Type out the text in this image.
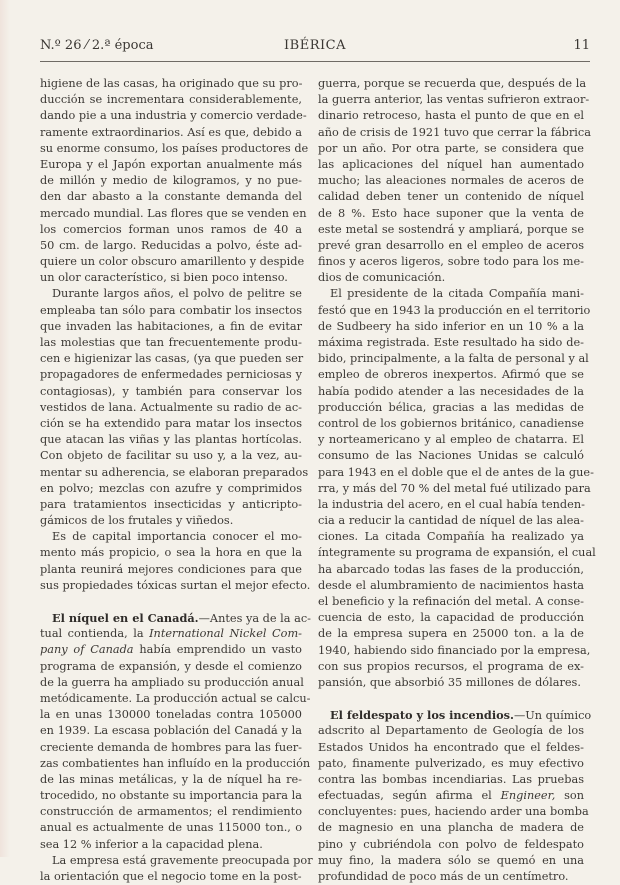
N.º 26 ⁄ 2.ª época	IBÉRICA	11
higiene de las casas, ha originado que su pro-
ducción se incrementara considerablemente,
dando pie a una industria y comercio verdade-
ramente extraordinarios. Así es que, debido a
su enorme consumo, los países productores de
Europa y el Japón exportan anualmente más
de millón y medio de kilogramos, y no pue-
den dar abasto a la constante demanda del
mercado mundial. Las flores que se venden en
los comercios forman unos ramos de 40 a
50 cm. de largo. Reducidas a polvo, éste ad-
quiere un color obscuro amarillento y despide
un olor característico, si bien poco intenso.
Durante largos años, el polvo de pelitre se
empleaba tan sólo para combatir los insectos
que invaden las habitaciones, a fin de evitar
las molestias que tan frecuentemente produ-
cen e higienizar las casas, (ya que pueden ser
propagadores de enfermedades perniciosas y
contagiosas), y también para conservar los
vestidos de lana. Actualmente su radio de ac-
ción se ha extendido para matar los insectos
que atacan las viñas y las plantas hortícolas.
Con objeto de facilitar su uso y, a la vez, au-
mentar su adherencia, se elaboran preparados
en polvo; mezclas con azufre y comprimidos
para tratamientos insecticidas y anticripto-
gámicos de los frutales y viñedos.
Es de capital importancia conocer el mo-
mento más propicio, o sea la hora en que la
planta reunirá mejores condiciones para que
sus propiedades tóxicas surtan el mejor efecto.
El níquel en el Canadá.—Antes ya de la ac-
tual contienda, la International Nickel Com-
pany of Canada había emprendido un vasto
programa de expansión, y desde el comienzo
de la guerra ha ampliado su producción anual
metódicamente. La producción actual se calcu-
la en unas 130000 toneladas contra 105000
en 1939. La escasa población del Canadá y la
creciente demanda de hombres para las fuer-
zas combatientes han influído en la producción
de las minas metálicas, y la de níquel ha re-
trocedido, no obstante su importancia para la
construcción de armamentos; el rendimiento
anual es actualmente de unas 115000 ton., o
sea 12 % inferior a la capacidad plena.
La empresa está gravemente preocupada por
la orientación que el negocio tome en la post-
guerra, porque se recuerda que, después de la
la guerra anterior, las ventas sufrieron extraor-
dinario retroceso, hasta el punto de que en el
año de crisis de 1921 tuvo que cerrar la fábrica
por un año. Por otra parte, se considera que
las aplicaciones del níquel han aumentado
mucho; las aleaciones normales de aceros de
calidad deben tener un contenido de níquel
de 8 %. Esto hace suponer que la venta de
este metal se sostendrá y ampliará, porque se
prevé gran desarrollo en el empleo de aceros
finos y aceros ligeros, sobre todo para los me-
dios de comunicación.
El presidente de la citada Compañía mani-
festó que en 1943 la producción en el territorio
de Sudbeery ha sido inferior en un 10 % a la
máxima registrada. Este resultado ha sido de-
bido, principalmente, a la falta de personal y al
empleo de obreros inexpertos. Afirmó que se
había podido atender a las necesidades de la
producción bélica, gracias a las medidas de
control de los gobiernos británico, canadiense
y norteamericano y al empleo de chatarra. El
consumo de las Naciones Unidas se calculó
para 1943 en el doble que el de antes de la gue-
rra, y más del 70 % del metal fué utilizado para
la industria del acero, en el cual había tenden-
cia a reducir la cantidad de níquel de las alea-
ciones. La citada Compañía ha realizado ya
íntegramente su programa de expansión, el cual
ha abarcado todas las fases de la producción,
desde el alumbramiento de nacimientos hasta
el beneficio y la refinación del metal. A conse-
cuencia de esto, la capacidad de producción
de la empresa supera en 25000 ton. a la de
1940, habiendo sido financiado por la empresa,
con sus propios recursos, el programa de ex-
pansión, que absorbió 35 millones de dólares.
El feldespato y los incendios.—Un químico
adscrito al Departamento de Geología de los
Estados Unidos ha encontrado que el feldes-
pato, finamente pulverizado, es muy efectivo
contra las bombas incendiarias. Las pruebas
efectuadas, según afirma el Engineer, son
concluyentes: pues, haciendo arder una bomba
de magnesio en una plancha de madera de
pino y cubriéndola con polvo de feldespato
muy fino, la madera sólo se quemó en una
profundidad de poco más de un centímetro.
